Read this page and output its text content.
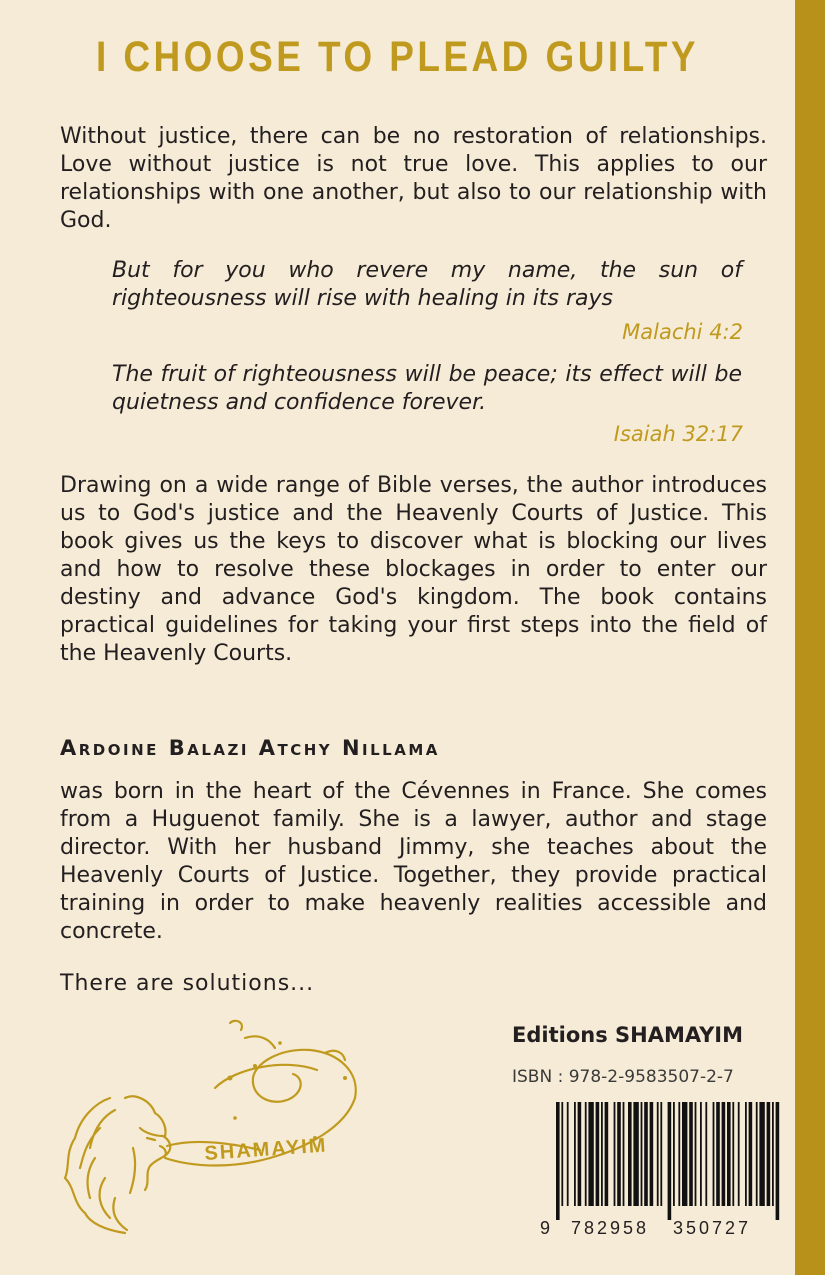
I CHOOSE TO PLEAD GUILTY
Without justice, there can be no restoration of relationships. Love without justice is not true love. This applies to our relationships with one another, but also to our relationship with God.
But for you who revere my name, the sun of righteousness will rise with healing in its rays
Malachi 4:2
The fruit of righteousness will be peace; its effect will be quietness and confidence forever.
Isaiah 32:17
Drawing on a wide range of Bible verses, the author introduces us to God's justice and the Heavenly Courts of Justice. This book gives us the keys to discover what is blocking our lives and how to resolve these blockages in order to enter our destiny and advance God's kingdom. The book contains practical guidelines for taking your first steps into the field of the Heavenly Courts.
Ardoine Balazi Atchy Nillama
was born in the heart of the Cévennes in France. She comes from a Huguenot family. She is a lawyer, author and stage director. With her husband Jimmy, she teaches about the Heavenly Courts of Justice. Together, they provide practical training in order to make heavenly realities accessible and concrete.
There are solutions...
SHAMAYIM
Editions SHAMAYIM
ISBN : 978-2-9583507-2-7
9 782958 350727
